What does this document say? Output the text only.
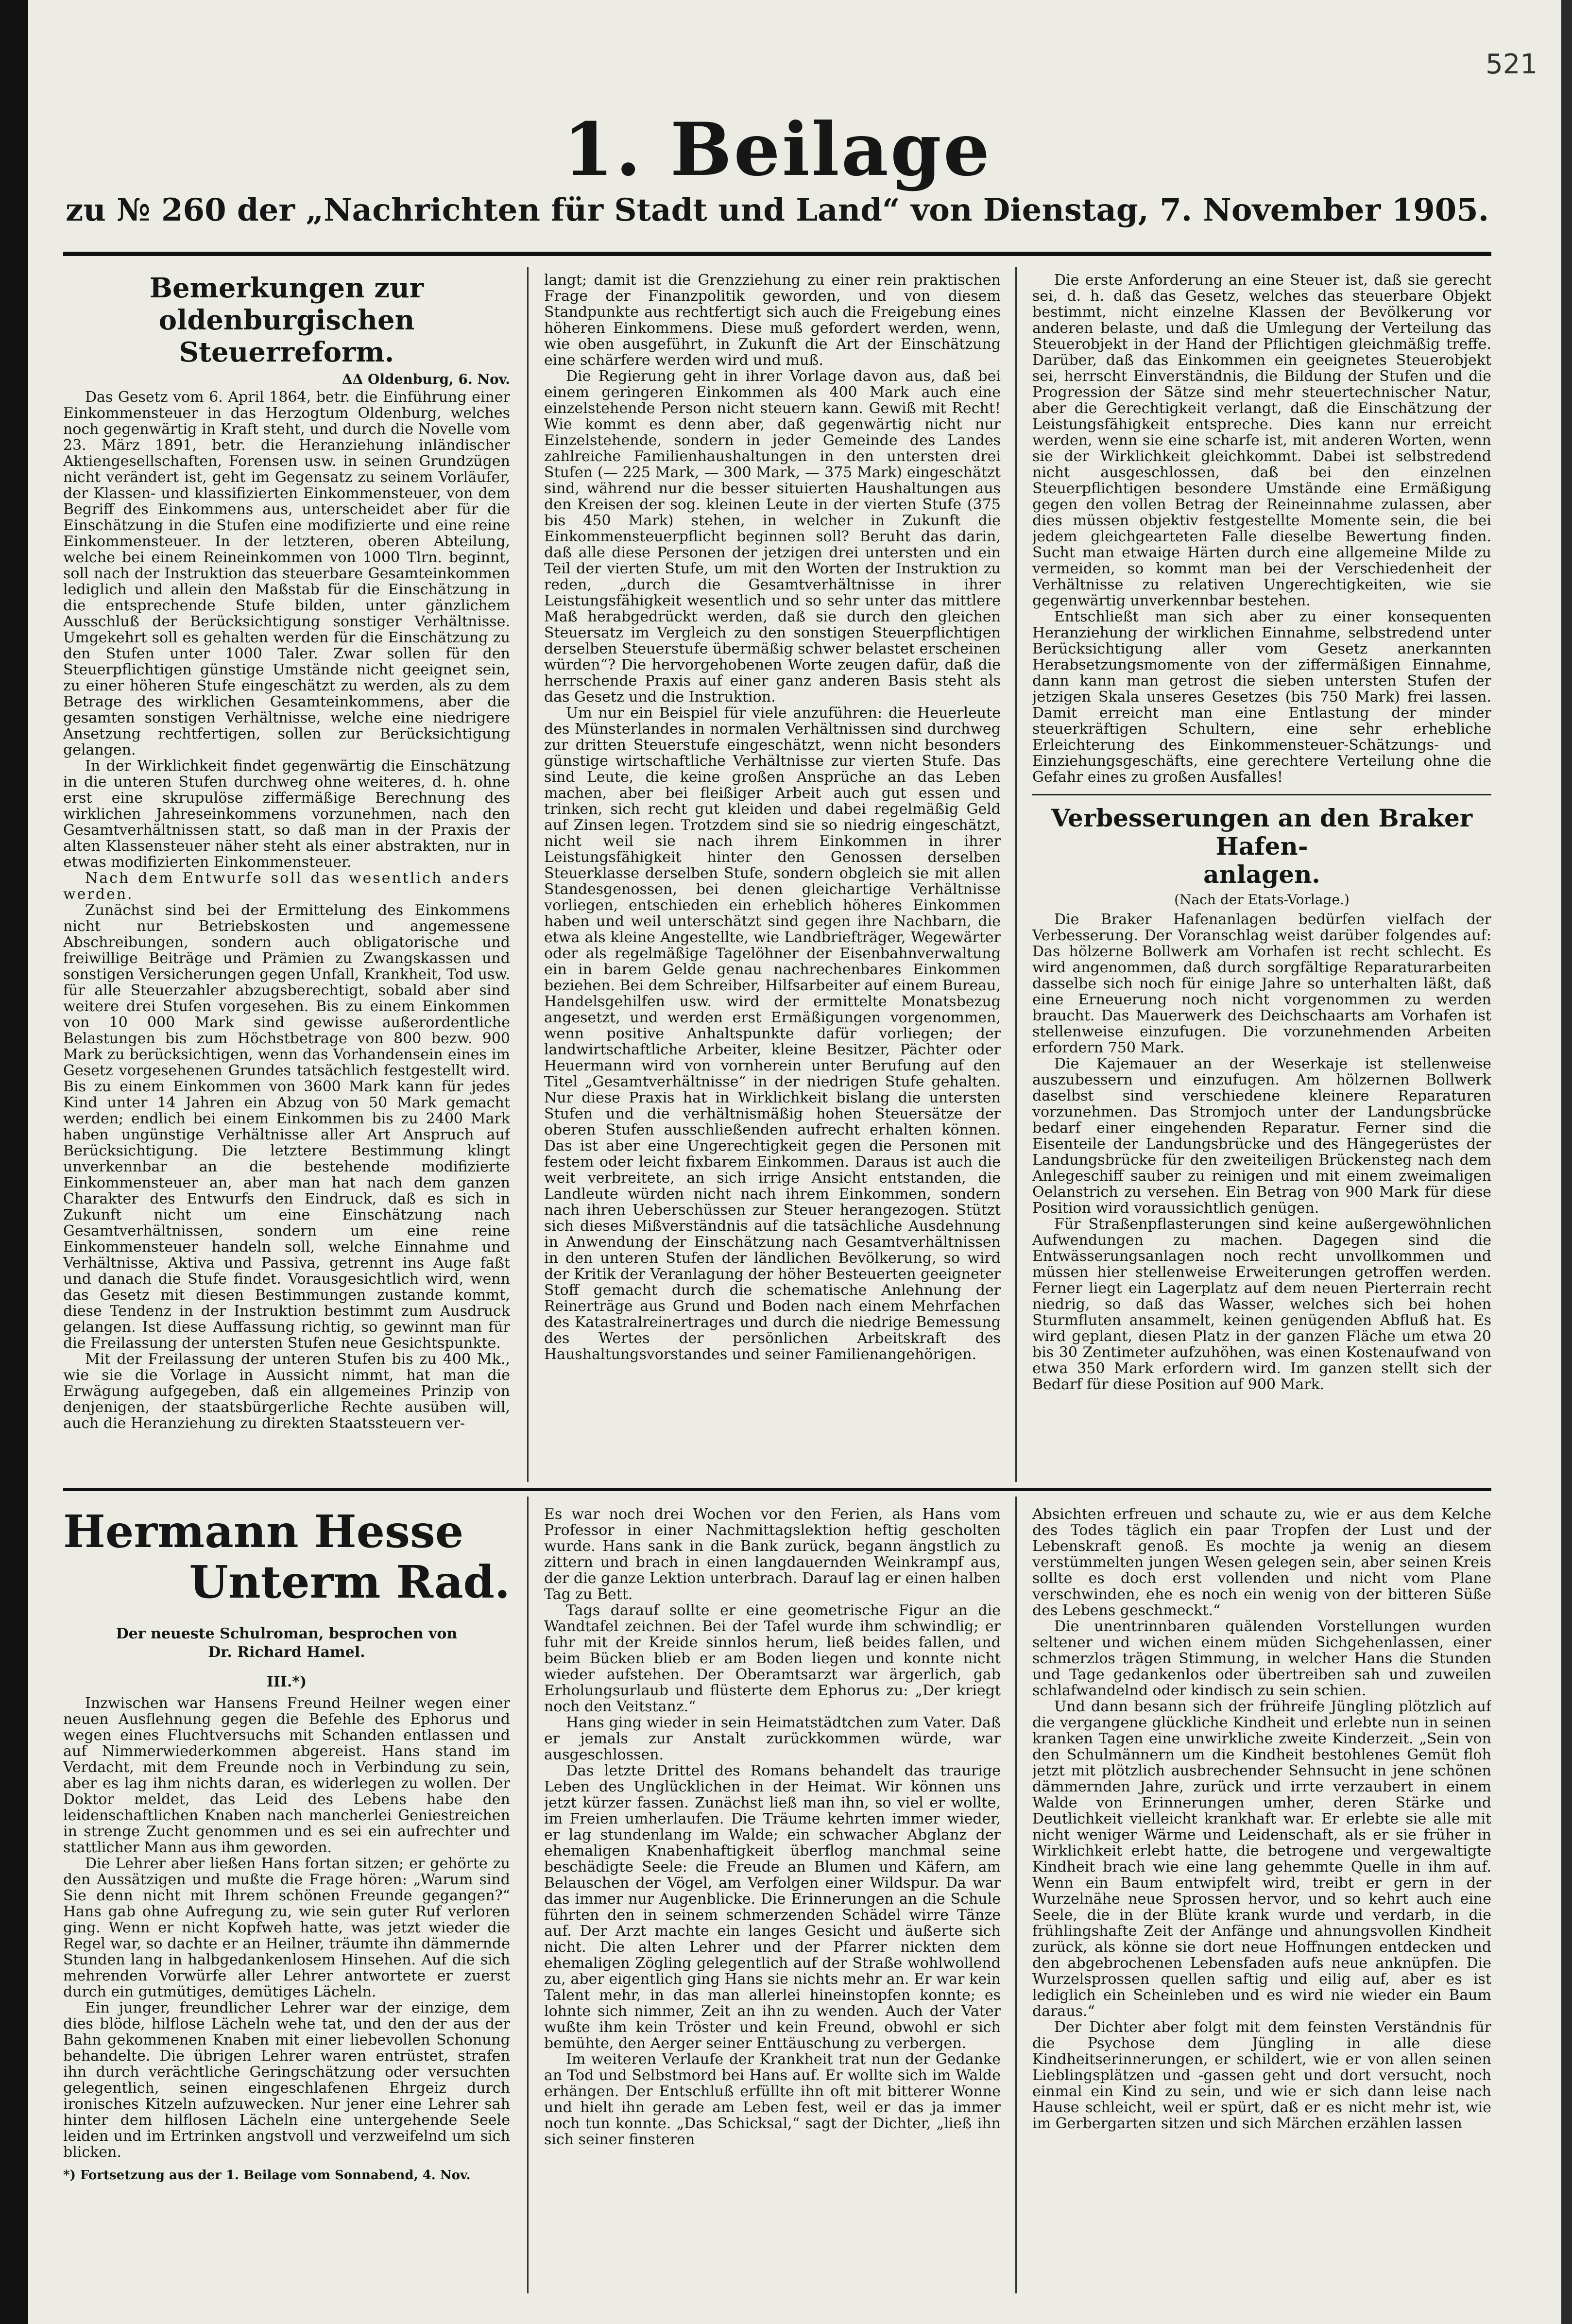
521
1. Beilage

zu № 260 der „Nachrichten für Stadt und Land“ von Dienstag, 7. November 1905.

Bemerkungen zur oldenburgischen
Steuerreform.
ΔΔ Oldenburg, 6. Nov.

Das Gesetz vom 6. April 1864, betr. die Einführung einer Einkommensteuer in das Herzogtum Oldenburg, welches noch gegenwärtig in Kraft steht, und durch die Novelle vom 23. März 1891, betr. die Heranziehung inländischer Aktiengesellschaften, Forensen usw. in seinen Grundzügen nicht verändert ist, geht im Gegensatz zu seinem Vorläufer, der Klassen- und klassifizierten Einkommensteuer, von dem Begriff des Einkommens aus, unterscheidet aber für die Einschätzung in die Stufen eine modifizierte und eine reine Einkommensteuer. In der letzteren, oberen Abteilung, welche bei einem Reineinkommen von 1000 Tlrn. beginnt, soll nach der Instruktion das steuerbare Gesamteinkommen lediglich und allein den Maßstab für die Einschätzung in die entsprechende Stufe bilden, unter gänzlichem Ausschluß der Berücksichtigung sonstiger Verhältnisse. Umgekehrt soll es gehalten werden für die Einschätzung zu den Stufen unter 1000 Taler. Zwar sollen für den Steuerpflichtigen günstige Umstände nicht geeignet sein, zu einer höheren Stufe eingeschätzt zu werden, als zu dem Betrage des wirklichen Gesamteinkommens, aber die gesamten sonstigen Verhältnisse, welche eine niedrigere Ansetzung rechtfertigen, sollen zur Berücksichtigung gelangen.

In der Wirklichkeit findet gegenwärtig die Einschätzung in die unteren Stufen durchweg ohne weiteres, d. h. ohne erst eine skrupulöse ziffermäßige Berechnung des wirklichen Jahreseinkommens vorzunehmen, nach den Gesamtverhältnissen statt, so daß man in der Praxis der alten Klassensteuer näher steht als einer abstrakten, nur in etwas modifizierten Einkommensteuer.

Nach dem Entwurfe soll das wesentlich anders werden.

Zunächst sind bei der Ermittelung des Einkommens nicht nur Betriebskosten und angemessene Abschreibungen, sondern auch obligatorische und freiwillige Beiträge und Prämien zu Zwangskassen und sonstigen Versicherungen gegen Unfall, Krankheit, Tod usw. für alle Steuerzahler abzugsberechtigt, sobald aber sind weitere drei Stufen vorgesehen. Bis zu einem Einkommen von 10 000 Mark sind gewisse außerordentliche Belastungen bis zum Höchstbetrage von 800 bezw. 900 Mark zu berücksichtigen, wenn das Vorhandensein eines im Gesetz vorgesehenen Grundes tatsächlich festgestellt wird. Bis zu einem Einkommen von 3600 Mark kann für jedes Kind unter 14 Jahren ein Abzug von 50 Mark gemacht werden; endlich bei einem Einkommen bis zu 2400 Mark haben ungünstige Verhältnisse aller Art Anspruch auf Berücksichtigung. Die letztere Bestimmung klingt unverkennbar an die bestehende modifizierte Einkommensteuer an, aber man hat nach dem ganzen Charakter des Entwurfs den Eindruck, daß es sich in Zukunft nicht um eine Einschätzung nach Gesamtverhältnissen, sondern um eine reine Einkommensteuer handeln soll, welche Einnahme und Verhältnisse, Aktiva und Passiva, getrennt ins Auge faßt und danach die Stufe findet. Vorausgesichtlich wird, wenn das Gesetz mit diesen Bestimmungen zustande kommt, diese Tendenz in der Instruktion bestimmt zum Ausdruck gelangen. Ist diese Auffassung richtig, so gewinnt man für die Freilassung der untersten Stufen neue Gesichtspunkte.

Mit der Freilassung der unteren Stufen bis zu 400 Mk., wie sie die Vorlage in Aussicht nimmt, hat man die Erwägung aufgegeben, daß ein allgemeines Prinzip von denjenigen, der staatsbürgerliche Rechte ausüben will, auch die Heranziehung zu direkten Staatssteuern ver-

langt; damit ist die Grenzziehung zu einer rein praktischen Frage der Finanzpolitik geworden, und von diesem Standpunkte aus rechtfertigt sich auch die Freigebung eines höheren Einkommens. Diese muß gefordert werden, wenn, wie oben ausgeführt, in Zukunft die Art der Einschätzung eine schärfere werden wird und muß.

Die Regierung geht in ihrer Vorlage davon aus, daß bei einem geringeren Einkommen als 400 Mark auch eine einzelstehende Person nicht steuern kann. Gewiß mit Recht! Wie kommt es denn aber, daß gegenwärtig nicht nur Einzelstehende, sondern in jeder Gemeinde des Landes zahlreiche Familienhaushaltungen in den untersten drei Stufen (— 225 Mark, — 300 Mark, — 375 Mark) eingeschätzt sind, während nur die besser situierten Haushaltungen aus den Kreisen der sog. kleinen Leute in der vierten Stufe (375 bis 450 Mark) stehen, in welcher in Zukunft die Einkommensteuerpflicht beginnen soll? Beruht das darin, daß alle diese Personen der jetzigen drei untersten und ein Teil der vierten Stufe, um mit den Worten der Instruktion zu reden, „durch die Gesamtverhältnisse in ihrer Leistungsfähigkeit wesentlich und so sehr unter das mittlere Maß herabgedrückt werden, daß sie durch den gleichen Steuersatz im Vergleich zu den sonstigen Steuerpflichtigen derselben Steuerstufe übermäßig schwer belastet erscheinen würden“? Die hervorgehobenen Worte zeugen dafür, daß die herrschende Praxis auf einer ganz anderen Basis steht als das Gesetz und die Instruktion.

Um nur ein Beispiel für viele anzuführen: die Heuerleute des Münsterlandes in normalen Verhältnissen sind durchweg zur dritten Steuerstufe eingeschätzt, wenn nicht besonders günstige wirtschaftliche Verhältnisse zur vierten Stufe. Das sind Leute, die keine großen Ansprüche an das Leben machen, aber bei fleißiger Arbeit auch gut essen und trinken, sich recht gut kleiden und dabei regelmäßig Geld auf Zinsen legen. Trotzdem sind sie so niedrig eingeschätzt, nicht weil sie nach ihrem Einkommen in ihrer Leistungsfähigkeit hinter den Genossen derselben Steuerklasse derselben Stufe, sondern obgleich sie mit allen Standesgenossen, bei denen gleichartige Verhältnisse vorliegen, entschieden ein erheblich höheres Einkommen haben und weil unterschätzt sind gegen ihre Nachbarn, die etwa als kleine Angestellte, wie Landbriefträger, Wegewärter oder als regelmäßige Tagelöhner der Eisenbahnverwaltung ein in barem Gelde genau nachrechenbares Einkommen beziehen. Bei dem Schreiber, Hilfsarbeiter auf einem Bureau, Handelsgehilfen usw. wird der ermittelte Monatsbezug angesetzt, und werden erst Ermäßigungen vorgenommen, wenn positive Anhaltspunkte dafür vorliegen; der landwirtschaftliche Arbeiter, kleine Besitzer, Pächter oder Heuermann wird von vornherein unter Berufung auf den Titel „Gesamtverhältnisse“ in der niedrigen Stufe gehalten. Nur diese Praxis hat in Wirklichkeit bislang die untersten Stufen und die verhältnismäßig hohen Steuersätze der oberen Stufen ausschließenden aufrecht erhalten können. Das ist aber eine Ungerechtigkeit gegen die Personen mit festem oder leicht fixbarem Einkommen. Daraus ist auch die weit verbreitete, an sich irrige Ansicht entstanden, die Landleute würden nicht nach ihrem Einkommen, sondern nach ihren Ueberschüssen zur Steuer herangezogen. Stützt sich dieses Mißverständnis auf die tatsächliche Ausdehnung in Anwendung der Einschätzung nach Gesamtverhältnissen in den unteren Stufen der ländlichen Bevölkerung, so wird der Kritik der Veranlagung der höher Besteuerten geeigneter Stoff gemacht durch die schematische Anlehnung der Reinerträge aus Grund und Boden nach einem Mehrfachen des Katastralreinertrages und durch die niedrige Bemessung des Wertes der persönlichen Arbeitskraft des Haushaltungsvorstandes und seiner Familienangehörigen.

Die erste Anforderung an eine Steuer ist, daß sie gerecht sei, d. h. daß das Gesetz, welches das steuerbare Objekt bestimmt, nicht einzelne Klassen der Bevölkerung vor anderen belaste, und daß die Umlegung der Verteilung das Steuerobjekt in der Hand der Pflichtigen gleichmäßig treffe. Darüber, daß das Einkommen ein geeignetes Steuerobjekt sei, herrscht Einverständnis, die Bildung der Stufen und die Progression der Sätze sind mehr steuertechnischer Natur, aber die Gerechtigkeit verlangt, daß die Einschätzung der Leistungsfähigkeit entspreche. Dies kann nur erreicht werden, wenn sie eine scharfe ist, mit anderen Worten, wenn sie der Wirklichkeit gleichkommt. Dabei ist selbstredend nicht ausgeschlossen, daß bei den einzelnen Steuerpflichtigen besondere Umstände eine Ermäßigung gegen den vollen Betrag der Reineinnahme zulassen, aber dies müssen objektiv festgestellte Momente sein, die bei jedem gleichgearteten Falle dieselbe Bewertung finden. Sucht man etwaige Härten durch eine allgemeine Milde zu vermeiden, so kommt man bei der Verschiedenheit der Verhältnisse zu relativen Ungerechtigkeiten, wie sie gegenwärtig unverkennbar bestehen.

Entschließt man sich aber zu einer konsequenten Heranziehung der wirklichen Einnahme, selbstredend unter Berücksichtigung aller vom Gesetz anerkannten Herabsetzungsmomente von der ziffermäßigen Einnahme, dann kann man getrost die sieben untersten Stufen der jetzigen Skala unseres Gesetzes (bis 750 Mark) frei lassen. Damit erreicht man eine Entlastung der minder steuerkräftigen Schultern, eine sehr erhebliche Erleichterung des Einkommensteuer-Schätzungs- und Einziehungsgeschäfts, eine gerechtere Verteilung ohne die Gefahr eines zu großen Ausfalles!

Verbesserungen an den Braker Hafen-
anlagen.
(Nach der Etats-Vorlage.)

Die Braker Hafenanlagen bedürfen vielfach der Verbesserung. Der Voranschlag weist darüber folgendes auf: Das hölzerne Bollwerk am Vorhafen ist recht schlecht. Es wird angenommen, daß durch sorgfältige Reparaturarbeiten dasselbe sich noch für einige Jahre so unterhalten läßt, daß eine Erneuerung noch nicht vorgenommen zu werden braucht. Das Mauerwerk des Deichschaarts am Vorhafen ist stellenweise einzufugen. Die vorzunehmenden Arbeiten erfordern 750 Mark.

Die Kajemauer an der Weserkaje ist stellenweise auszubessern und einzufugen. Am hölzernen Bollwerk daselbst sind verschiedene kleinere Reparaturen vorzunehmen. Das Stromjoch unter der Landungsbrücke bedarf einer eingehenden Reparatur. Ferner sind die Eisenteile der Landungsbrücke und des Hängegerüstes der Landungsbrücke für den zweiteiligen Brückensteg nach dem Anlegeschiff sauber zu reinigen und mit einem zweimaligen Oelanstrich zu versehen. Ein Betrag von 900 Mark für diese Position wird voraussichtlich genügen.

Für Straßenpflasterungen sind keine außergewöhnlichen Aufwendungen zu machen. Dagegen sind die Entwässerungsanlagen noch recht unvollkommen und müssen hier stellenweise Erweiterungen getroffen werden. Ferner liegt ein Lagerplatz auf dem neuen Pierterrain recht niedrig, so daß das Wasser, welches sich bei hohen Sturmfluten ansammelt, keinen genügenden Abfluß hat. Es wird geplant, diesen Platz in der ganzen Fläche um etwa 20 bis 30 Zentimeter aufzuhöhen, was einen Kostenaufwand von etwa 350 Mark erfordern wird. Im ganzen stellt sich der Bedarf für diese Position auf 900 Mark.

Hermann Hesse
Unterm Rad.
Der neueste Schulroman, besprochen von
Dr. Richard Hamel.
III.*)

Inzwischen war Hansens Freund Heilner wegen einer neuen Ausflehnung gegen die Befehle des Ephorus und wegen eines Fluchtversuchs mit Schanden entlassen und auf Nimmerwiederkommen abgereist. Hans stand im Verdacht, mit dem Freunde noch in Verbindung zu sein, aber es lag ihm nichts daran, es widerlegen zu wollen. Der Doktor meldet, das Leid des Lebens habe den leidenschaftlichen Knaben nach mancherlei Geniestreichen in strenge Zucht genommen und es sei ein aufrechter und stattlicher Mann aus ihm geworden.

Die Lehrer aber ließen Hans fortan sitzen; er gehörte zu den Aussätzigen und mußte die Frage hören: „Warum sind Sie denn nicht mit Ihrem schönen Freunde gegangen?“ Hans gab ohne Aufregung zu, wie sein guter Ruf verloren ging. Wenn er nicht Kopfweh hatte, was jetzt wieder die Regel war, so dachte er an Heilner, träumte ihn dämmernde Stunden lang in halbgedankenlosem Hinsehen. Auf die sich mehrenden Vorwürfe aller Lehrer antwortete er zuerst durch ein gutmütiges, demütiges Lächeln.

Ein junger, freundlicher Lehrer war der einzige, dem dies blöde, hilflose Lächeln wehe tat, und den der aus der Bahn gekommenen Knaben mit einer liebevollen Schonung behandelte. Die übrigen Lehrer waren entrüstet, strafen ihn durch verächtliche Geringschätzung oder versuchten gelegentlich, seinen eingeschlafenen Ehrgeiz durch ironisches Kitzeln aufzuwecken. Nur jener eine Lehrer sah hinter dem hilflosen Lächeln eine untergehende Seele leiden und im Ertrinken angstvoll und verzweifelnd um sich blicken.

*) Fortsetzung aus der 1. Beilage vom Sonnabend, 4. Nov.

Es war noch drei Wochen vor den Ferien, als Hans vom Professor in einer Nachmittagslektion heftig gescholten wurde. Hans sank in die Bank zurück, begann ängstlich zu zittern und brach in einen langdauernden Weinkrampf aus, der die ganze Lektion unterbrach. Darauf lag er einen halben Tag zu Bett.

Tags darauf sollte er eine geometrische Figur an die Wandtafel zeichnen. Bei der Tafel wurde ihm schwindlig; er fuhr mit der Kreide sinnlos herum, ließ beides fallen, und beim Bücken blieb er am Boden liegen und konnte nicht wieder aufstehen. Der Oberamtsarzt war ärgerlich, gab Erholungsurlaub und flüsterte dem Ephorus zu: „Der kriegt noch den Veitstanz.“

Hans ging wieder in sein Heimatstädtchen zum Vater. Daß er jemals zur Anstalt zurückkommen würde, war ausgeschlossen.

Das letzte Drittel des Romans behandelt das traurige Leben des Unglücklichen in der Heimat. Wir können uns jetzt kürzer fassen. Zunächst ließ man ihn, so viel er wollte, im Freien umherlaufen. Die Träume kehrten immer wieder, er lag stundenlang im Walde; ein schwacher Abglanz der ehemaligen Knabenhaftigkeit überflog manchmal seine beschädigte Seele: die Freude an Blumen und Käfern, am Belauschen der Vögel, am Verfolgen einer Wildspur. Da war das immer nur Augenblicke. Die Erinnerungen an die Schule führten den in seinem schmerzenden Schädel wirre Tänze auf. Der Arzt machte ein langes Gesicht und äußerte sich nicht. Die alten Lehrer und der Pfarrer nickten dem ehemaligen Zögling gelegentlich auf der Straße wohlwollend zu, aber eigentlich ging Hans sie nichts mehr an. Er war kein Talent mehr, in das man allerlei hineinstopfen konnte; es lohnte sich nimmer, Zeit an ihn zu wenden. Auch der Vater wußte ihm kein Tröster und kein Freund, obwohl er sich bemühte, den Aerger seiner Enttäuschung zu verbergen.

Im weiteren Verlaufe der Krankheit trat nun der Gedanke an Tod und Selbstmord bei Hans auf. Er wollte sich im Walde erhängen. Der Entschluß erfüllte ihn oft mit bitterer Wonne und hielt ihn gerade am Leben fest, weil er das ja immer noch tun konnte. „Das Schicksal,“ sagt der Dichter, „ließ ihn sich seiner finsteren

Absichten erfreuen und schaute zu, wie er aus dem Kelche des Todes täglich ein paar Tropfen der Lust und der Lebenskraft genoß. Es mochte ja wenig an diesem verstümmelten jungen Wesen gelegen sein, aber seinen Kreis sollte es doch erst vollenden und nicht vom Plane verschwinden, ehe es noch ein wenig von der bitteren Süße des Lebens geschmeckt.“

Die unentrinnbaren quälenden Vorstellungen wurden seltener und wichen einem müden Sichgehenlassen, einer schmerzlos trägen Stimmung, in welcher Hans die Stunden und Tage gedankenlos oder übertreiben sah und zuweilen schlafwandelnd oder kindisch zu sein schien.

Und dann besann sich der frühreife Jüngling plötzlich auf die vergangene glückliche Kindheit und erlebte nun in seinen kranken Tagen eine unwirkliche zweite Kinderzeit. „Sein von den Schulmännern um die Kindheit bestohlenes Gemüt floh jetzt mit plötzlich ausbrechender Sehnsucht in jene schönen dämmernden Jahre, zurück und irrte verzaubert in einem Walde von Erinnerungen umher, deren Stärke und Deutlichkeit vielleicht krankhaft war. Er erlebte sie alle mit nicht weniger Wärme und Leidenschaft, als er sie früher in Wirklichkeit erlebt hatte, die betrogene und vergewaltigte Kindheit brach wie eine lang gehemmte Quelle in ihm auf. Wenn ein Baum entwipfelt wird, treibt er gern in der Wurzelnähe neue Sprossen hervor, und so kehrt auch eine Seele, die in der Blüte krank wurde und verdarb, in die frühlingshafte Zeit der Anfänge und ahnungsvollen Kindheit zurück, als könne sie dort neue Hoffnungen entdecken und den abgebrochenen Lebensfaden aufs neue anknüpfen. Die Wurzelsprossen quellen saftig und eilig auf, aber es ist lediglich ein Scheinleben und es wird nie wieder ein Baum daraus.“

Der Dichter aber folgt mit dem feinsten Verständnis für die Psychose dem Jüngling in alle diese Kindheitserinnerungen, er schildert, wie er von allen seinen Lieblingsplätzen und -gassen geht und dort versucht, noch einmal ein Kind zu sein, und wie er sich dann leise nach Hause schleicht, weil er spürt, daß er es nicht mehr ist, wie im Gerbergarten sitzen und sich Märchen erzählen lassen
